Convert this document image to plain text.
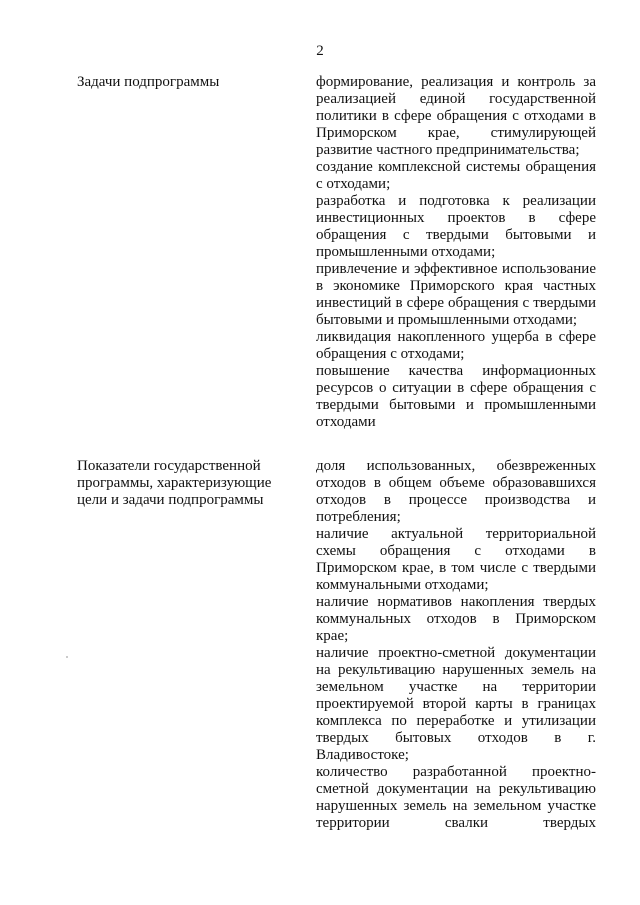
2
Задачи подпрограммы	формирование, реализация и контроль за реализацией единой государственной политики в сфере обращения с отходами в Приморском крае, стимулирующей развитие частного предпринимательства;

создание комплексной системы обращения с отходами;

разработка и подготовка к реализации инвестиционных проектов в сфере обращения с твердыми бытовыми и промышленными отходами;

привлечение и эффективное использование в экономике Приморского края частных инвестиций в сфере обращения с твердыми бытовыми и промышленными отходами;

ликвидация накопленного ущерба в сфере обращения с отходами;

повышение качества информационных ресурсов о ситуации в сфере обращения с твердыми бытовыми и промышленными отходами

Показатели государственной программы, характеризующие цели и задачи подпрограммы

доля использованных, обезвреженных отходов в общем объеме образовавшихся отходов в процессе производства и потребления;

наличие актуальной территориальной схемы обращения с отходами в Приморском крае, в том числе с твердыми коммунальными отходами;

наличие нормативов накопления твердых коммунальных отходов в Приморском крае;

наличие проектно-сметной документации на рекультивацию нарушенных земель на земельном участке на территории проектируемой второй карты в границах комплекса по переработке и утилизации твердых бытовых отходов в г. Владивостоке;

количество разработанной проектно-сметной документации на рекультивацию нарушенных земель на земельном участке территории свалки твердых
